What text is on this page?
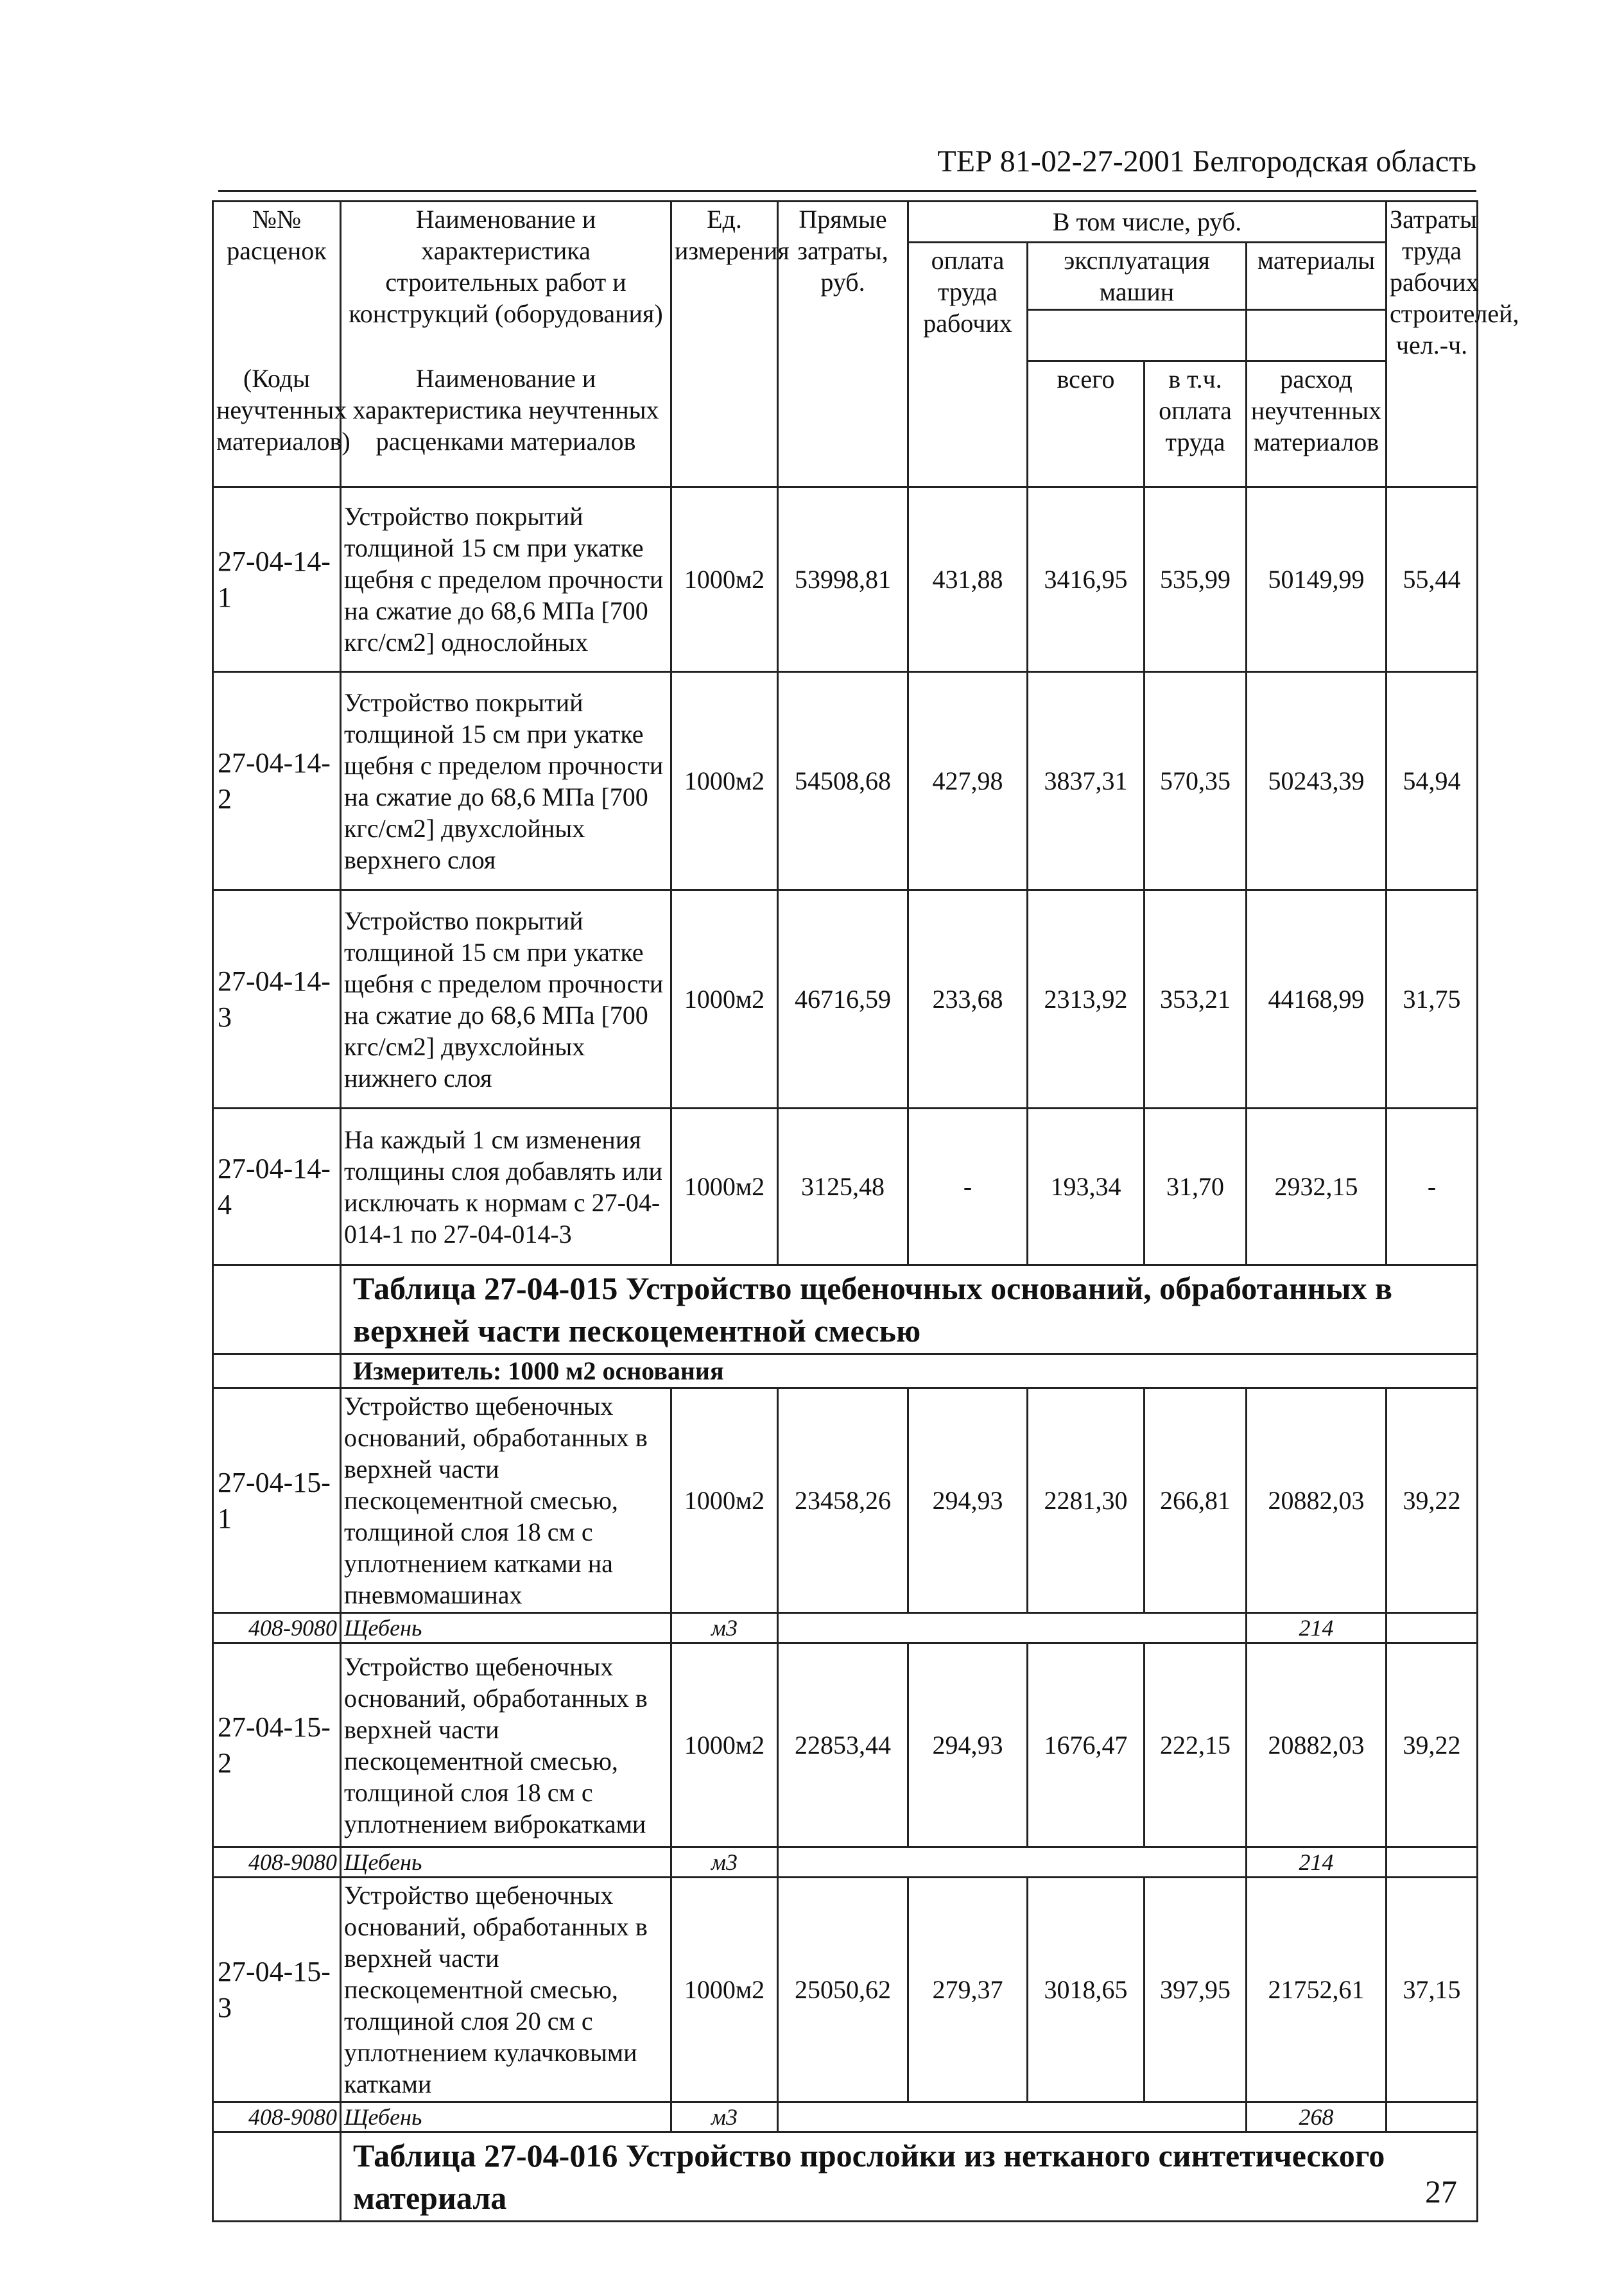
ТЕР 81-02-27-2001 Белгородская область
№№ расценок	Наименование и характеристика строительных работ и конструкций (оборудования)	Ед. измерения	Прямые затраты, руб.	В том числе, руб.				Затраты труда рабочих строителей, чел.-ч.
				оплата труда рабочих	эксплуатация машин		материалы	

(Коды неучтенных материалов)	Наименование и характеристика неучтенных расценками материалов				всего	в т.ч. оплата труда	расход неучтенных материалов	
27-04-14-1	Устройство покрытий толщиной 15 см при укатке щебня с пределом прочности на сжатие до 68,6 МПа [700 кгс/см2] однослойных	1000м2	53998,81	431,88	3416,95	535,99	50149,99	55,44
27-04-14-2	Устройство покрытий толщиной 15 см при укатке щебня с пределом прочности на сжатие до 68,6 МПа [700 кгс/см2] двухслойных верхнего слоя	1000м2	54508,68	427,98	3837,31	570,35	50243,39	54,94
27-04-14-3	Устройство покрытий толщиной 15 см при укатке щебня с пределом прочности на сжатие до 68,6 МПа [700 кгс/см2] двухслойных нижнего слоя	1000м2	46716,59	233,68	2313,92	353,21	44168,99	31,75
27-04-14-4	На каждый 1 см изменения толщины слоя добавлять или исключать к нормам с 27-04-014-1 по 27-04-014-3	1000м2	3125,48	-	193,34	31,70	2932,15	-
	Таблица 27-04-015 Устройство щебеночных оснований, обработанных в верхней части пескоцементной смесью							
	Измеритель: 1000 м2 основания							
27-04-15-1	Устройство щебеночных оснований, обработанных в верхней части пескоцементной смесью, толщиной слоя 18 см с уплотнением катками на пневмомашинах	1000м2	23458,26	294,93	2281,30	266,81	20882,03	39,22
408-9080	Щебень	м3					214	
27-04-15-2	Устройство щебеночных оснований, обработанных в верхней части пескоцементной смесью, толщиной слоя 18 см с уплотнением виброкатками	1000м2	22853,44	294,93	1676,47	222,15	20882,03	39,22
408-9080	Щебень	м3					214	
27-04-15-3	Устройство щебеночных оснований, обработанных в верхней части пескоцементной смесью, толщиной слоя 20 см с уплотнением кулачковыми катками	1000м2	25050,62	279,37	3018,65	397,95	21752,61	37,15
408-9080	Щебень	м3					268	
	Таблица 27-04-016 Устройство прослойки из нетканого синтетического материала								27
